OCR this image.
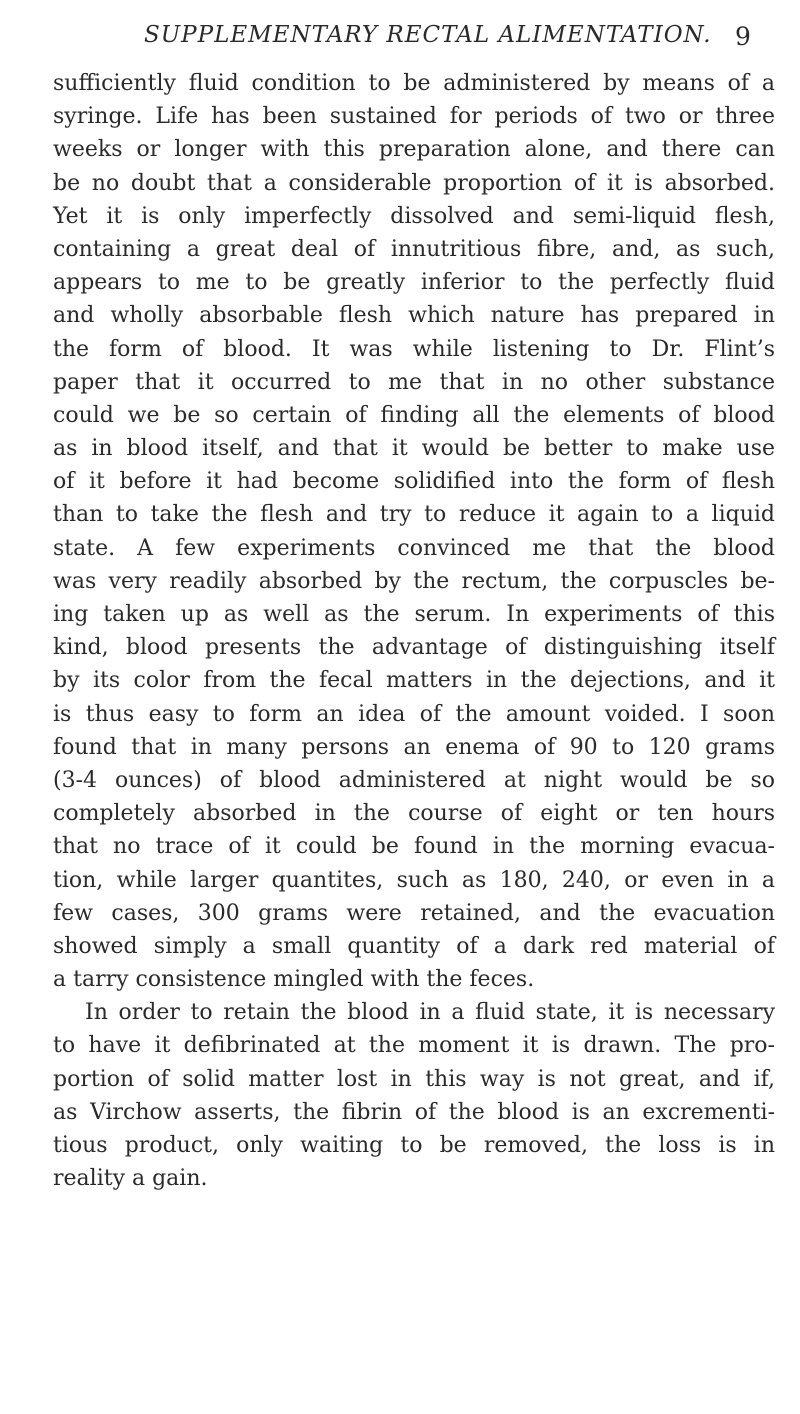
SUPPLEMENTARY RECTAL ALIMENTATION. 9
sufficiently fluid condition to be administered by means of a
syringe. Life has been sustained for periods of two or three
weeks or longer with this preparation alone, and there can
be no doubt that a considerable proportion of it is absorbed.
Yet it is only imperfectly dissolved and semi-liquid flesh,
containing a great deal of innutritious fibre, and, as such,
appears to me to be greatly inferior to the perfectly fluid
and wholly absorbable flesh which nature has prepared in
the form of blood. It was while listening to Dr. Flint’s
paper that it occurred to me that in no other substance
could we be so certain of finding all the elements of blood
as in blood itself, and that it would be better to make use
of it before it had become solidified into the form of flesh
than to take the flesh and try to reduce it again to a liquid
state. A few experiments convinced me that the blood
was very readily absorbed by the rectum, the corpuscles be-
ing taken up as well as the serum. In experiments of this
kind, blood presents the advantage of distinguishing itself
by its color from the fecal matters in the dejections, and it
is thus easy to form an idea of the amount voided. I soon
found that in many persons an enema of 90 to 120 grams
(3-4 ounces) of blood administered at night would be so
completely absorbed in the course of eight or ten hours
that no trace of it could be found in the morning evacua-
tion, while larger quantites, such as 180, 240, or even in a
few cases, 300 grams were retained, and the evacuation
showed simply a small quantity of a dark red material of
a tarry consistence mingled with the feces.
In order to retain the blood in a fluid state, it is necessary
to have it defibrinated at the moment it is drawn. The pro-
portion of solid matter lost in this way is not great, and if,
as Virchow asserts, the fibrin of the blood is an excrementi-
tious product, only waiting to be removed, the loss is in
reality a gain.
